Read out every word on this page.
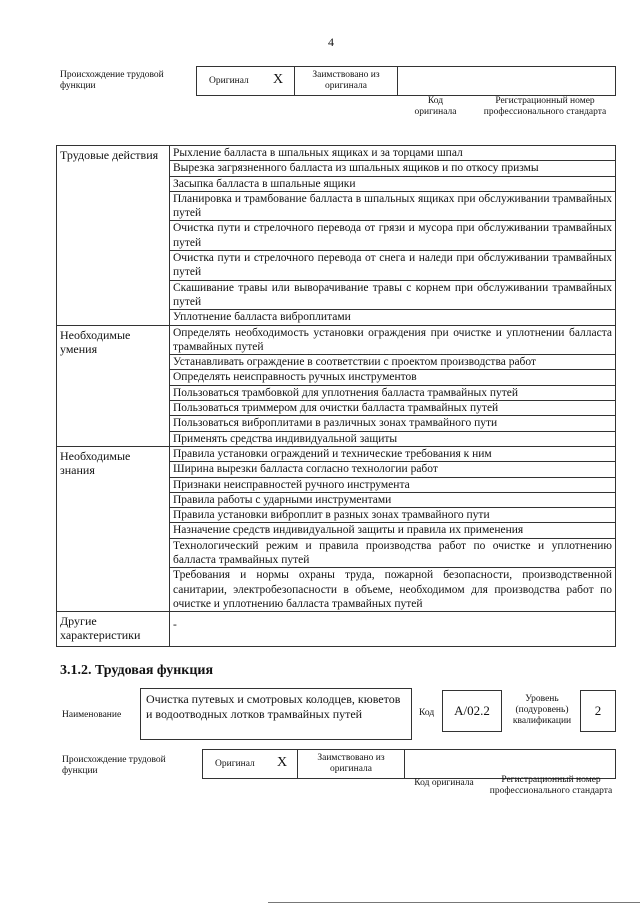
4
Происхождение трудовой функции	Оригинал X	Заимствовано из оригинала
Код оригинала
Регистрационный номер профессионального стандарта
Трудовые действия	Рыхление балласта в шпальных ящиках и за торцами шпал
	Вырезка загрязненного балласта из шпальных ящиков и по откосу призмы
	Засыпка балласта в шпальные ящики
	Планировка и трамбование балласта в шпальных ящиках при обслуживании трамвайных путей
	Очистка пути и стрелочного перевода от грязи и мусора при обслуживании трамвайных путей
	Очистка пути и стрелочного перевода от снега и наледи при обслуживании трамвайных путей
	Скашивание травы или выворачивание травы с корнем при обслуживании трамвайных путей
	Уплотнение балласта виброплитами
Необходимые умения	Определять необходимость установки ограждения при очистке и уплотнении балласта трамвайных путей
	Устанавливать ограждение в соответствии с проектом производства работ
	Определять неисправность ручных инструментов
	Пользоваться трамбовкой для уплотнения балласта трамвайных путей
	Пользоваться триммером для очистки балласта трамвайных путей
	Пользоваться виброплитами в различных зонах трамвайного пути
	Применять средства индивидуальной защиты
Необходимые знания	Правила установки ограждений и технические требования к ним
	Ширина вырезки балласта согласно технологии работ
	Признаки неисправностей ручного инструмента
	Правила работы с ударными инструментами
	Правила установки виброплит в разных зонах трамвайного пути
	Назначение средств индивидуальной защиты и правила их применения
	Технологический режим и правила производства работ по очистке и уплотнению балласта трамвайных путей
	Требования и нормы охраны труда, пожарной безопасности, производственной санитарии, электробезопасности в объеме, необходимом для производства работ по очистке и уплотнению балласта трамвайных путей
Другие характеристики	-
3.1.2. Трудовая функция
Наименование
Очистка путевых и смотровых колодцев, кюветов и водоотводных лотков трамвайных путей	Код А/02.2
Уровень (подуровень) квалификации
2
Происхождение трудовой функции
Оригинал X	Заимствовано из оригинала
Код оригинала	Регистрационный номер профессионального стандарта
